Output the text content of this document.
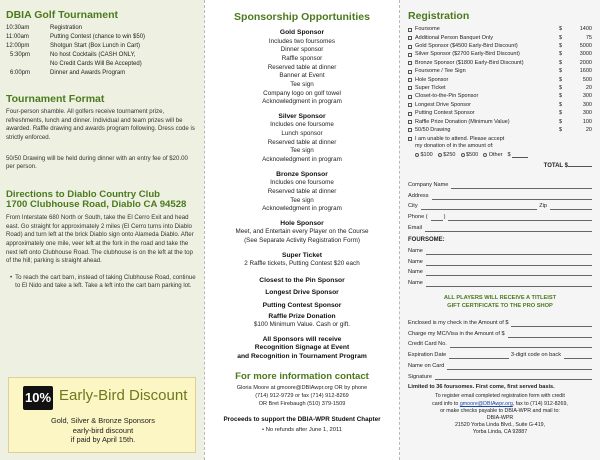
DBIA Golf Tournament
10:30am	Registration
11:00am	Putting Contest (chance to win $50)
12:00pm	Shotgun Start (Box Lunch in Cart)
5:30pm	No host Cocktails (CASH ONLY,
No Credit Cards Will Be Accepted)
6:00pm	Dinner and Awards Program
Tournament Format

Four-person shamble. All golfers receive tournament prize, refreshments, lunch and dinner. Individual and team prizes will be awarded. Raffle drawing and awards program following. Dress code is strictly enforced.

50/50 Drawing will be held during dinner with an entry fee of $20.00 per person.

Directions to Diablo Country Club
1700 Clubhouse Road, Diablo CA 94528

From Interstate 680 North or South, take the El Cerro Exit and head east. Go straight for approximately 2 miles (El Cerro turns into Diablo Road) and turn left at the brick Diablo sign onto Alameda Diablo. After approximately one mile, veer left at the fork in the road and take the next left onto Clubhouse Road. The clubhouse is on the left at the top of the hill; parking is straight ahead.

• To reach the cart barn, instead of taking Clubhouse Road, continue to El Nido and take a left. Take a left into the cart barn parking lot.
10% Early-Bird Discount
Gold, Silver & Bronze Sponsors
early-bird discount
if paid by April 15th.
Sponsorship Opportunities
Gold Sponsor
Includes two foursomes
Dinner sponsor
Raffle sponsor
Reserved table at dinner
Banner at Event
Tee sign
Company logo on golf towel
Acknowledgment in program
Silver Sponsor
Includes one foursome
Lunch sponsor
Reserved table at dinner
Tee sign
Acknowledgment in program
Bronze Sponsor
Includes one foursome
Reserved table at dinner
Tee sign
Acknowledgment in program
Hole Sponsor
Meet, and Entertain every Player on the Course
(See Separate Activity Registration Form)
Super Ticket
2 Raffle tickets, Putting Contest $20 each
Closest to the Pin Sponsor
Longest Drive Sponsor
Putting Contest Sponsor
Raffle Prize Donation
$100 Minimum Value. Cash or gift.
All Sponsors will receive
Recognition Signage at Event
and Recognition in Tournament Program
For more information contact
Gloria Moore at gmoore@DBIAwpr.org OR by phone
(714) 912-9729 or fax (714) 912-8269
OR Bret Firebaugh (510) 379-1509
Proceeds to support the DBIA-WPR Student Chapter
• No refunds after June 1, 2011
Registration
Foursome	$	1400
Additional Person Banquet Only	$	75
Gold Sponsor ($4500 Early-Bird Discount)	$	5000
Silver Sponsor ($2700 Early-Bird Discount)	$	3000
Bronze Sponsor ($1800 Early-Bird Discount)	$	2000
Foursome / Tee Sign	$	1600
Hole Sponsor	$	500
Super Ticket	$	20
Closet-to-the-Pin Sponsor	$	300
Longest Drive Sponsor	$	300
Putting Contest Sponsor	$	300
Raffle Prize Donation (Minimum Value)	$	100
50/50 Drawing	$	20
I am unable to attend. Please accept
my donation of in the amount of:
$100 $250 $500 Other $
TOTAL $
Company Name
Address
City	Zip
Phone (	)
Email
FOURSOME:
Name
Name
Name
Name
ALL PLAYERS WILL RECEIVE A TITLEIST
GIFT CERTIFICATE TO THE PRO SHOP
Enclosed is my check in the Amount of $
Charge my MC/Visa in the Amount of $
Credit Card No.
Expiration Date	3-digit code on back
Name on Card
Signature
Limited to 36 foursomes. First come, first served basis.
To register email completed registration form with credit
card info to gmoore@DBIAwpr.org, fax to (714) 912-8269,
or make checks payable to DBIA-WPR and mail to:
DBIA-WPR
21520 Yorba Linda Blvd., Suite G-419,
Yorba Linda, CA 92887
